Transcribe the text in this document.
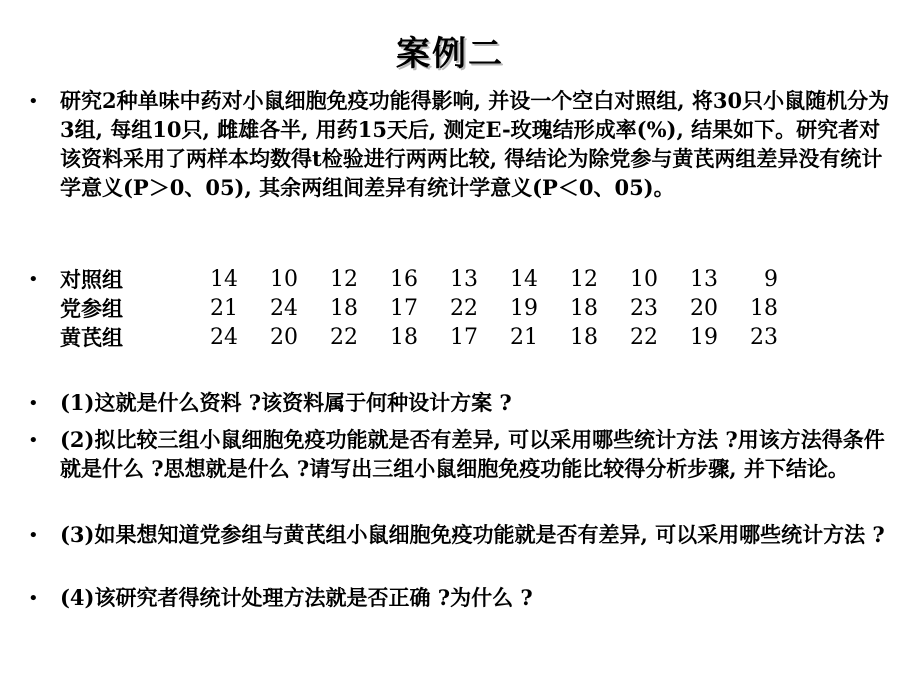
案例二
• 研究2种单味中药对小鼠细胞免疫功能得影响, 并设一个空白对照组, 将30只小鼠随机分为3组, 每组10只, 雌雄各半, 用药15天后, 测定E-玫瑰结形成率(%), 结果如下。研究者对该资料采用了两样本均数得t检验进行两两比较, 得结论为除党参与黄芪两组差异没有统计学意义(P＞0、05), 其余两组间差异有统计学意义(P＜0、05)。
• 对照组	14	10	12	16	13	14	12	10	13	9
党参组	21	24	18	17	22	19	18	23	20	18
黄芪组	24	20	22	18	17	21	18	22	19	23
• (1)这就是什么资料 ?该资料属于何种设计方案 ?
• (2)拟比较三组小鼠细胞免疫功能就是否有差异, 可以采用哪些统计方法 ?用该方法得条件就是什么 ?思想就是什么 ?请写出三组小鼠细胞免疫功能比较得分析步骤, 并下结论。
• (3)如果想知道党参组与黄芪组小鼠细胞免疫功能就是否有差异, 可以采用哪些统计方法 ?
• (4)该研究者得统计处理方法就是否正确 ?为什么 ?
